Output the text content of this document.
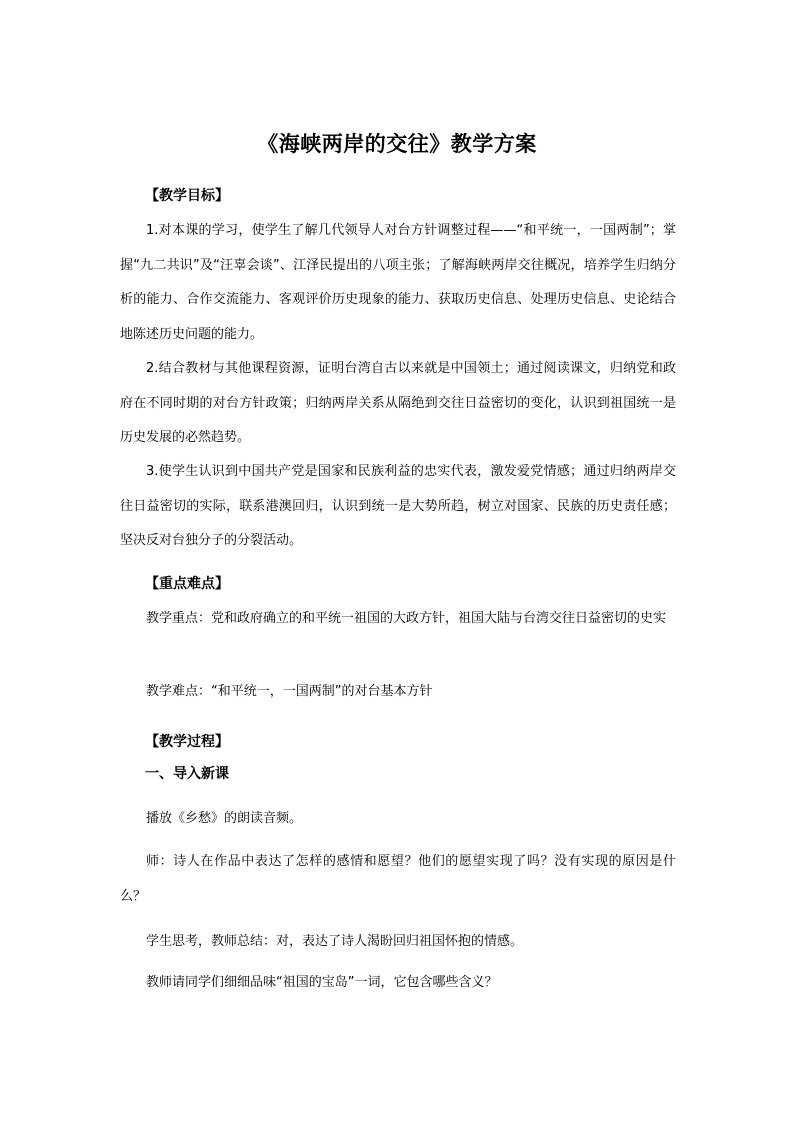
《海峡两岸的交往》教学方案
【教学目标】

1.对本课的学习，使学生了解几代领导人对台方针调整过程——“和平统一，一国两制”；掌握“九二共识”及“汪辜会谈”、江泽民提出的八项主张；了解海峡两岸交往概况，培养学生归纳分析的能力、合作交流能力、客观评价历史现象的能力、获取历史信息、处理历史信息、史论结合地陈述历史问题的能力。

2.结合教材与其他课程资源，证明台湾自古以来就是中国领土；通过阅读课文，归纳党和政府在不同时期的对台方针政策；归纳两岸关系从隔绝到交往日益密切的变化，认识到祖国统一是历史发展的必然趋势。

3.使学生认识到中国共产党是国家和民族利益的忠实代表，激发爱党情感；通过归纳两岸交往日益密切的实际，联系港澳回归，认识到统一是大势所趋，树立对国家、民族的历史责任感；坚决反对台独分子的分裂活动。

【重点难点】

教学重点：党和政府确立的和平统一祖国的大政方针，祖国大陆与台湾交往日益密切的史实

教学难点：“和平统一，一国两制”的对台基本方针

【教学过程】
一、导入新课

播放《乡愁》的朗读音频。

师：诗人在作品中表达了怎样的感情和愿望？他们的愿望实现了吗？没有实现的原因是什么？

学生思考，教师总结：对，表达了诗人渴盼回归祖国怀抱的情感。

教师请同学们细细品味“祖国的宝岛”一词，它包含哪些含义？
